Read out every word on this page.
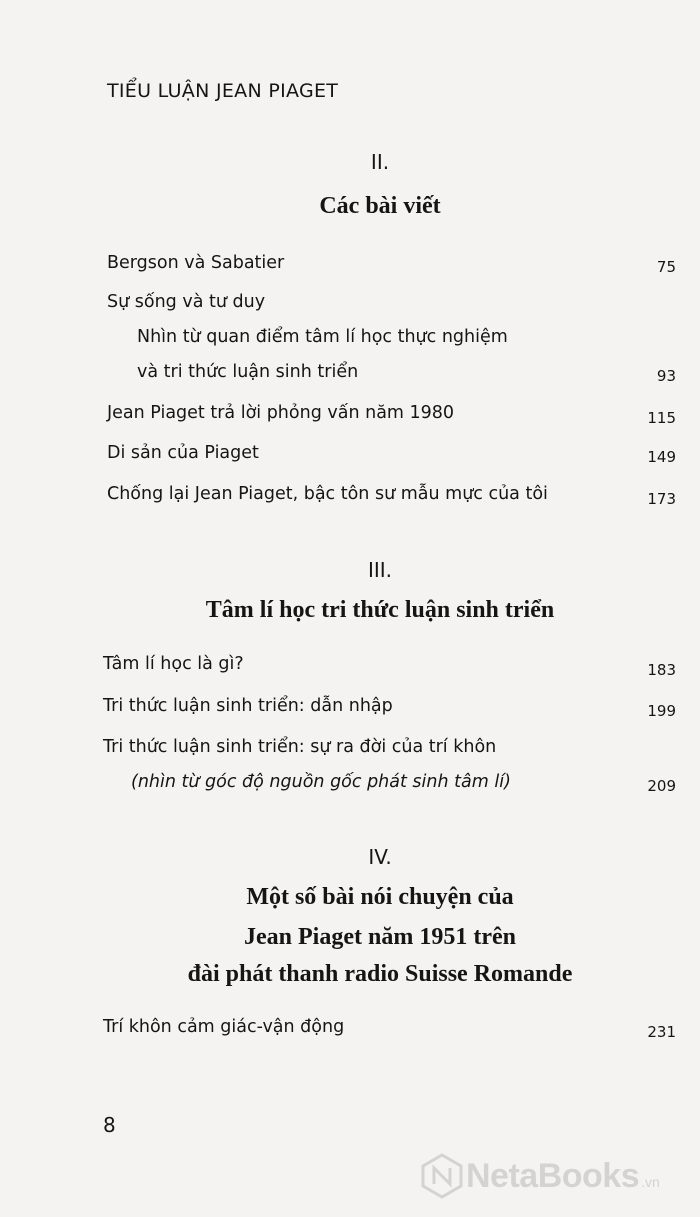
TIỂU LUẬN JEAN PIAGET
II.
Các bài viết
Bergson và Sabatier	75
Sự sống và tư duy
Nhìn từ quan điểm tâm lí học thực nghiệm
và tri thức luận sinh triển	93
Jean Piaget trả lời phỏng vấn năm 1980	115
Di sản của Piaget	149
Chống lại Jean Piaget, bậc tôn sư mẫu mực của tôi	173
III.
Tâm lí học tri thức luận sinh triển
Tâm lí học là gì?	183
Tri thức luận sinh triển: dẫn nhập	199
Tri thức luận sinh triển: sự ra đời của trí khôn
(nhìn từ góc độ nguồn gốc phát sinh tâm lí)	209
IV.
Một số bài nói chuyện của
Jean Piaget năm 1951 trên
đài phát thanh radio Suisse Romande
Trí khôn cảm giác-vận động	231
8
NetaBooks .vn
